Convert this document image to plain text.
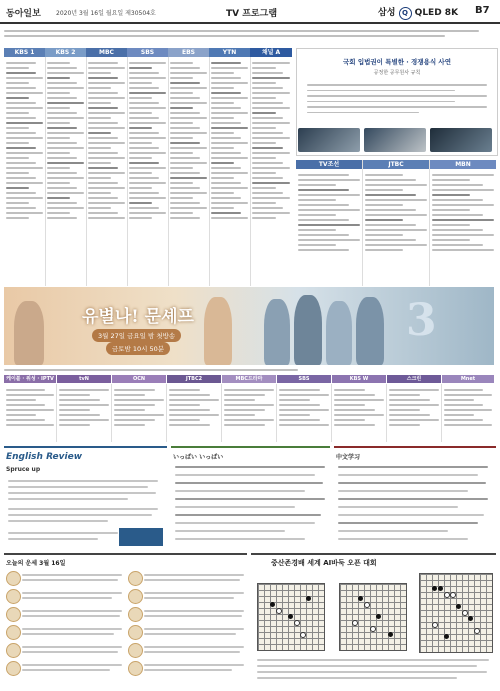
동아일보	2020년 3월 16일 월요일 제30504호	TV 프로그램	B7
KBS 1	KBS 2	MBC	SBS	EBS	YTN	채널 A
삼성 Q QLED 8K
국회 입법권이 특별한 · 경쟁용식 사연
공정한 공무원사 규칙
TV조선	JTBC	MBN
유별나! 문셰프
3월 27일 금요일 밤 첫방송
금토밤 10시 50분
3
케이블 · 위성 · IPTV	tvN	OCN	JTBC2	MBC드라마	SBS	KBS W	스크린	Mnet
English Review
Spruce up
いっぱい いっぱい	中文学习
오늘의 운세 3월 16일	중산존경배 세계 AI바둑 오픈 대회
